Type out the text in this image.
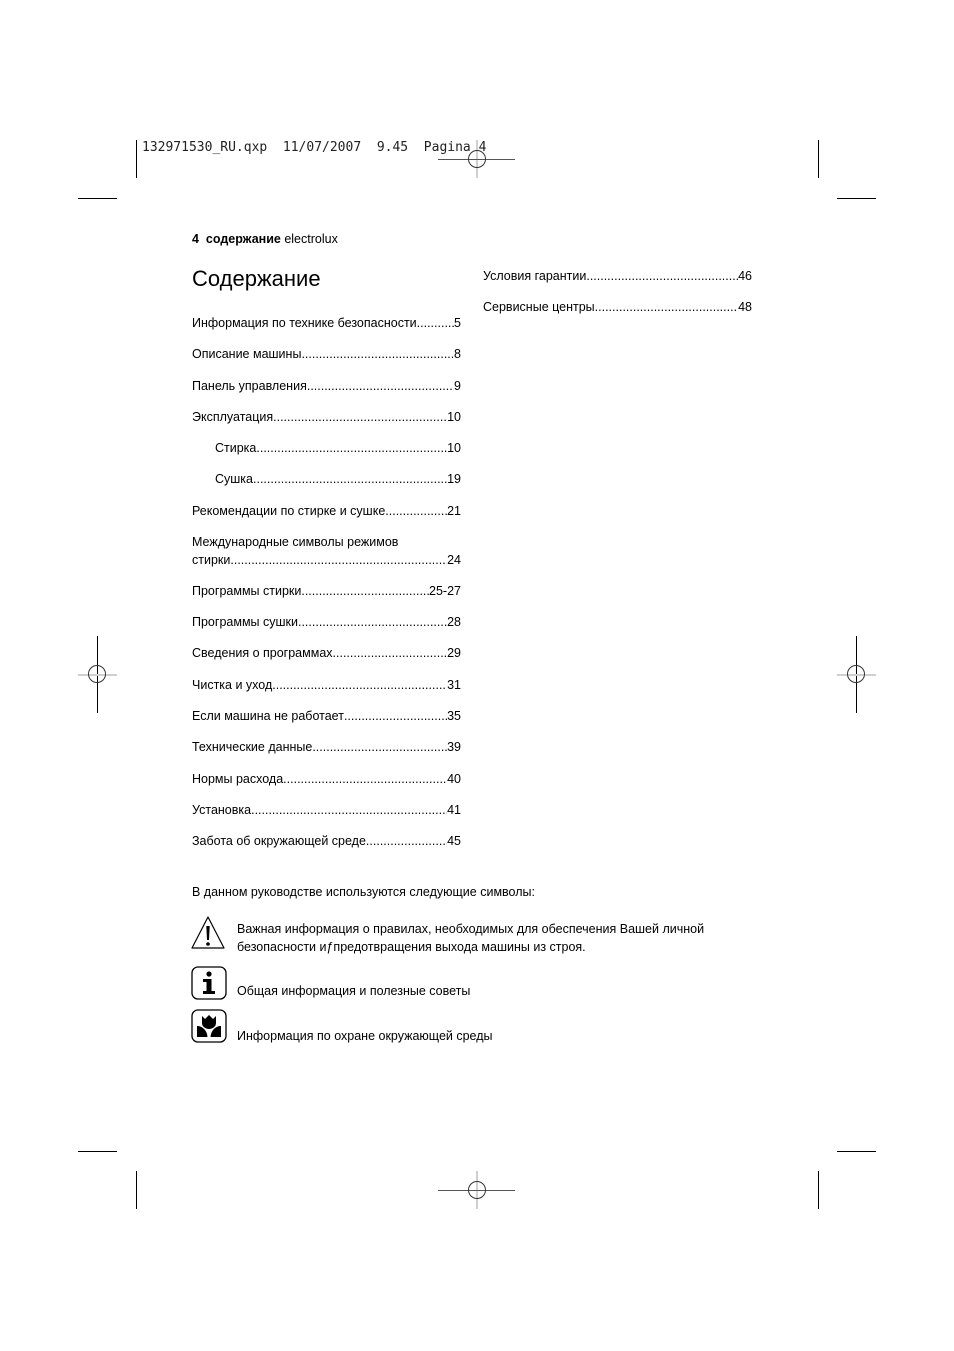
132971530_RU.qxp 11/07/2007 9.45 Pagina 4
4 содержание electrolux
Содержание
Информация по технике безопасности .....	5
Описание машины .....	8
Панель управления .....	9
Эксплуатация .....	10
Стирка .....	10
Сушка .....	19
Рекомендации по стирке и сушке .....	21
Международные символы режимов
стирки .....	24
Программы стирки .....	25-27
Программы сушки .....	28
Сведения о программах .....	29
Чистка и уход .....	31
Если машина не работает .....	35
Технические данные .....	39
Нормы расхода .....	40
Установка .....	41
Забота об окружающей среде .....	45
Условия гарантии .....	46
Сервисные центры .....	48
В данном руководстве используются следующие символы:
Важная информация о правилах, необходимых для обеспечения Вашей личной
безопасности иƒпредотвращения выхода машины из строя.
Общая информация и полезные советы
Информация по охране окружающей среды
